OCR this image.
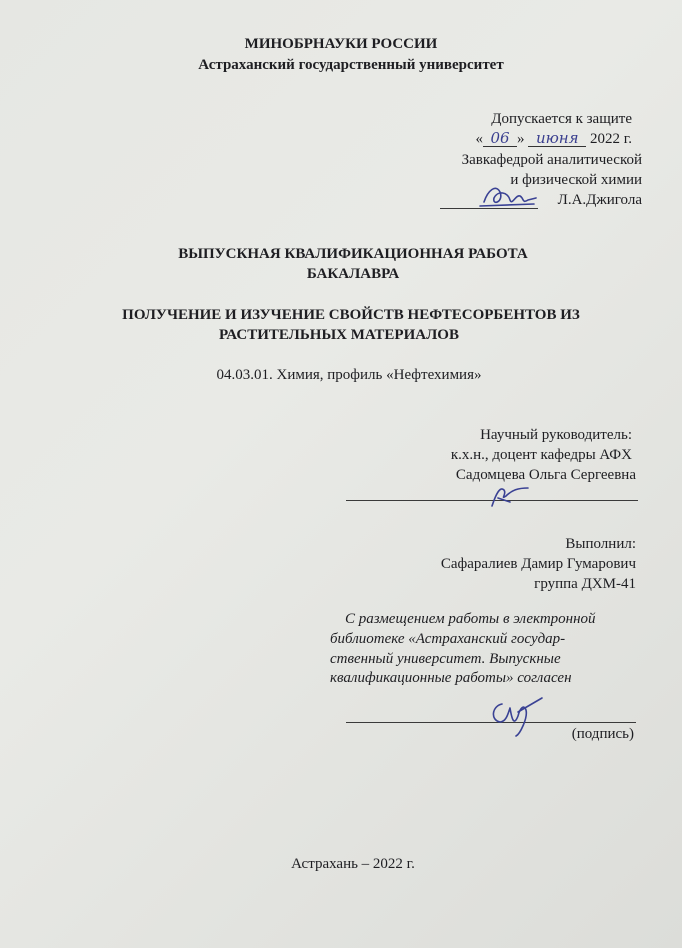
МИНОБРНАУКИ РОССИИ
Астраханский государственный университет
Допускается к защите
« 06 » июня 2022 г.
Завкафедрой аналитической
и физической химии
Л.А.Джигола
ВЫПУСКНАЯ КВАЛИФИКАЦИОННАЯ РАБОТА
БАКАЛАВРА
ПОЛУЧЕНИЕ И ИЗУЧЕНИЕ СВОЙСТВ НЕФТЕСОРБЕНТОВ ИЗ
РАСТИТЕЛЬНЫХ МАТЕРИАЛОВ
04.03.01. Химия, профиль «Нефтехимия»
Научный руководитель:
к.х.н., доцент кафедры АФХ
Садомцева Ольга Сергеевна
Выполнил:
Сафаралиев Дамир Гумарович
группа ДХМ-41
С размещением работы в электронной
библиотеке «Астраханский государ-
ственный университет. Выпускные
квалификационные работы» согласен
(подпись)
Астрахань – 2022 г.
